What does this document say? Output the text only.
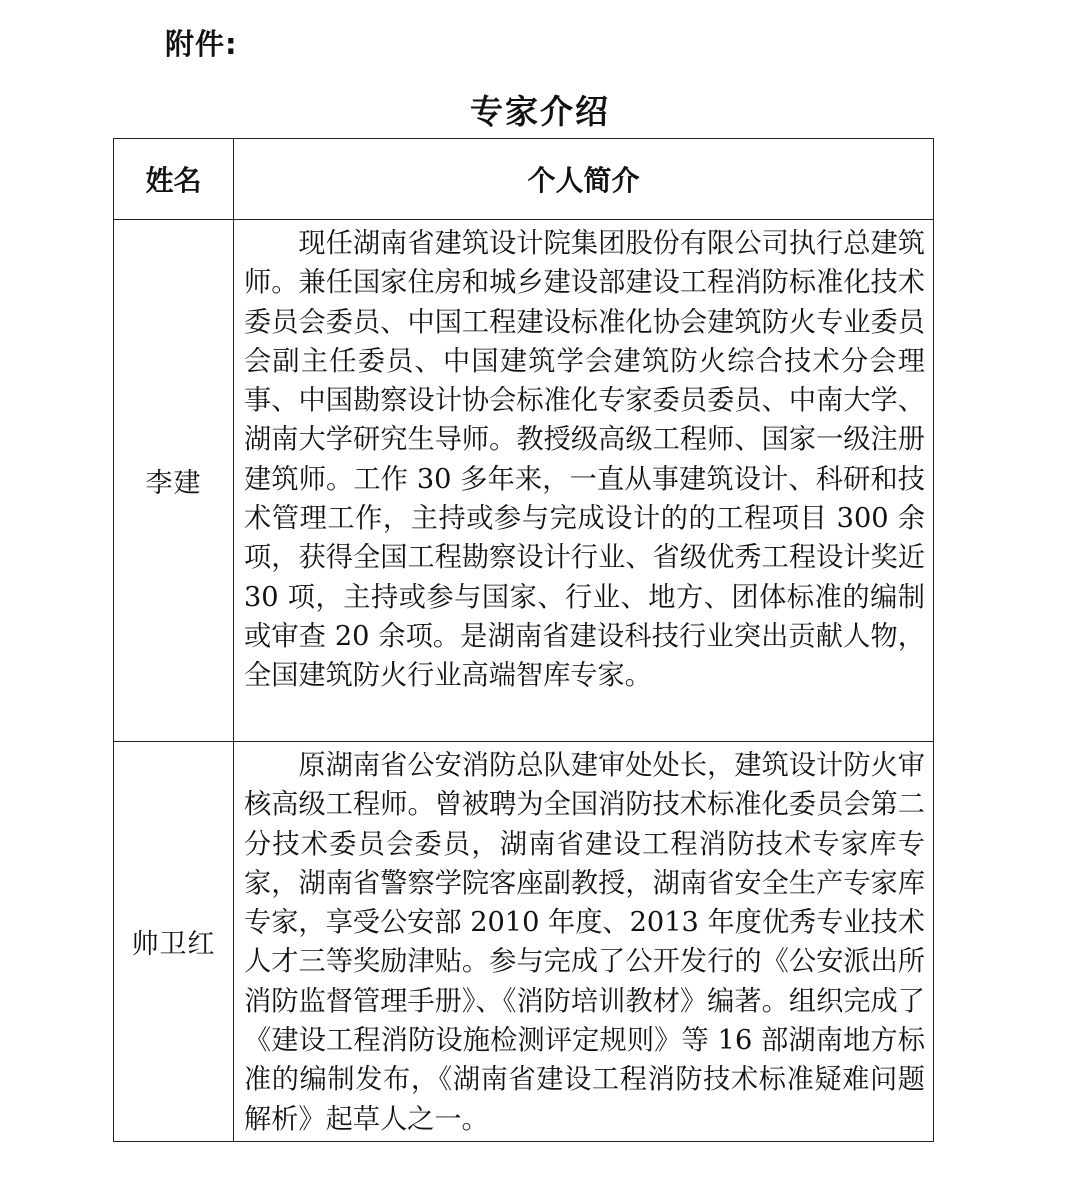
附件:
专家介绍
姓名	个人简介
李建	现任湖南省建筑设计院集团股份有限公司执行总建筑师。兼任国家住房和城乡建设部建设工程消防标准化技术委员会委员、中国工程建设标准化协会建筑防火专业委员会副主任委员、中国建筑学会建筑防火综合技术分会理事、中国勘察设计协会标准化专家委员委员、中南大学、湖南大学研究生导师。教授级高级工程师、国家一级注册建筑师。工作 30 多年来，一直从事建筑设计、科研和技术管理工作，主持或参与完成设计的的工程项目 300 余项，获得全国工程勘察设计行业、省级优秀工程设计奖近 30 项，主持或参与国家、行业、地方、团体标准的编制或审查 20 余项。是湖南省建设科技行业突出贡献人物，全国建筑防火行业高端智库专家。
帅卫红	原湖南省公安消防总队建审处处长，建筑设计防火审核高级工程师。曾被聘为全国消防技术标准化委员会第二分技术委员会委员，湖南省建设工程消防技术专家库专家，湖南省警察学院客座副教授，湖南省安全生产专家库专家，享受公安部 2010 年度、2013 年度优秀专业技术人才三等奖励津贴。参与完成了公开发行的《公安派出所消防监督管理手册》、《消防培训教材》编著。组织完成了《建设工程消防设施检测评定规则》等 16 部湖南地方标准的编制发布，《湖南省建设工程消防技术标准疑难问题解析》起草人之一。
